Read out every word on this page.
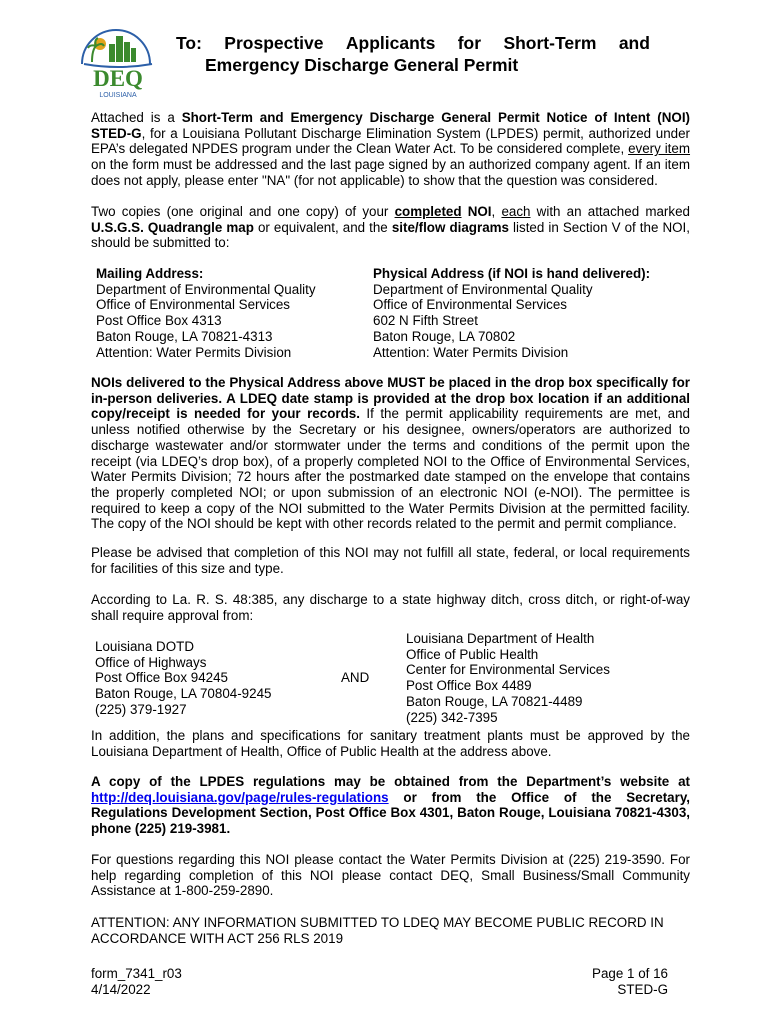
DEQ
LOUISIANA
To: Prospective Applicants for Short-Term and
Emergency Discharge General Permit

Attached is a Short-Term and Emergency Discharge General Permit Notice of Intent (NOI) STED-G, for a Louisiana Pollutant Discharge Elimination System (LPDES) permit, authorized under EPA’s delegated NPDES program under the Clean Water Act. To be considered complete, every item on the form must be addressed and the last page signed by an authorized company agent. If an item does not apply, please enter "NA" (for not applicable) to show that the question was considered.

Two copies (one original and one copy) of your completed NOI, each with an attached marked U.S.G.S. Quadrangle map or equivalent, and the site/flow diagrams listed in Section V of the NOI, should be submitted to:

Mailing Address:
Department of Environmental Quality
Office of Environmental Services
Post Office Box 4313
Baton Rouge, LA 70821-4313
Attention: Water Permits Division
Physical Address (if NOI is hand delivered):
Department of Environmental Quality
Office of Environmental Services
602 N Fifth Street
Baton Rouge, LA 70802
Attention: Water Permits Division

NOIs delivered to the Physical Address above MUST be placed in the drop box specifically for in-person deliveries. A LDEQ date stamp is provided at the drop box location if an additional copy/receipt is needed for your records. If the permit applicability requirements are met, and unless notified otherwise by the Secretary or his designee, owners/operators are authorized to discharge wastewater and/or stormwater under the terms and conditions of the permit upon the receipt (via LDEQ’s drop box), of a properly completed NOI to the Office of Environmental Services, Water Permits Division; 72 hours after the postmarked date stamped on the envelope that contains the properly completed NOI; or upon submission of an electronic NOI (e-NOI). The permittee is required to keep a copy of the NOI submitted to the Water Permits Division at the permitted facility. The copy of the NOI should be kept with other records related to the permit and permit compliance.

Please be advised that completion of this NOI may not fulfill all state, federal, or local requirements for facilities of this size and type.

According to La. R. S. 48:385, any discharge to a state highway ditch, cross ditch, or right-of-way shall require approval from:

Louisiana DOTD
Office of Highways
Post Office Box 94245
Baton Rouge, LA 70804-9245
(225) 379-1927
AND
Louisiana Department of Health
Office of Public Health
Center for Environmental Services
Post Office Box 4489
Baton Rouge, LA 70821-4489
(225) 342-7395

In addition, the plans and specifications for sanitary treatment plants must be approved by the Louisiana Department of Health, Office of Public Health at the address above.

A copy of the LPDES regulations may be obtained from the Department’s website at http://deq.louisiana.gov/page/rules-regulations or from the Office of the Secretary, Regulations Development Section, Post Office Box 4301, Baton Rouge, Louisiana 70821-4303, phone (225) 219-3981.

For questions regarding this NOI please contact the Water Permits Division at (225) 219-3590. For help regarding completion of this NOI please contact DEQ, Small Business/Small Community Assistance at 1-800-259-2890.

ATTENTION: ANY INFORMATION SUBMITTED TO LDEQ MAY BECOME PUBLIC RECORD IN ACCORDANCE WITH ACT 256 RLS 2019

form_7341_r03
4/14/2022
Page 1 of 16
STED-G
